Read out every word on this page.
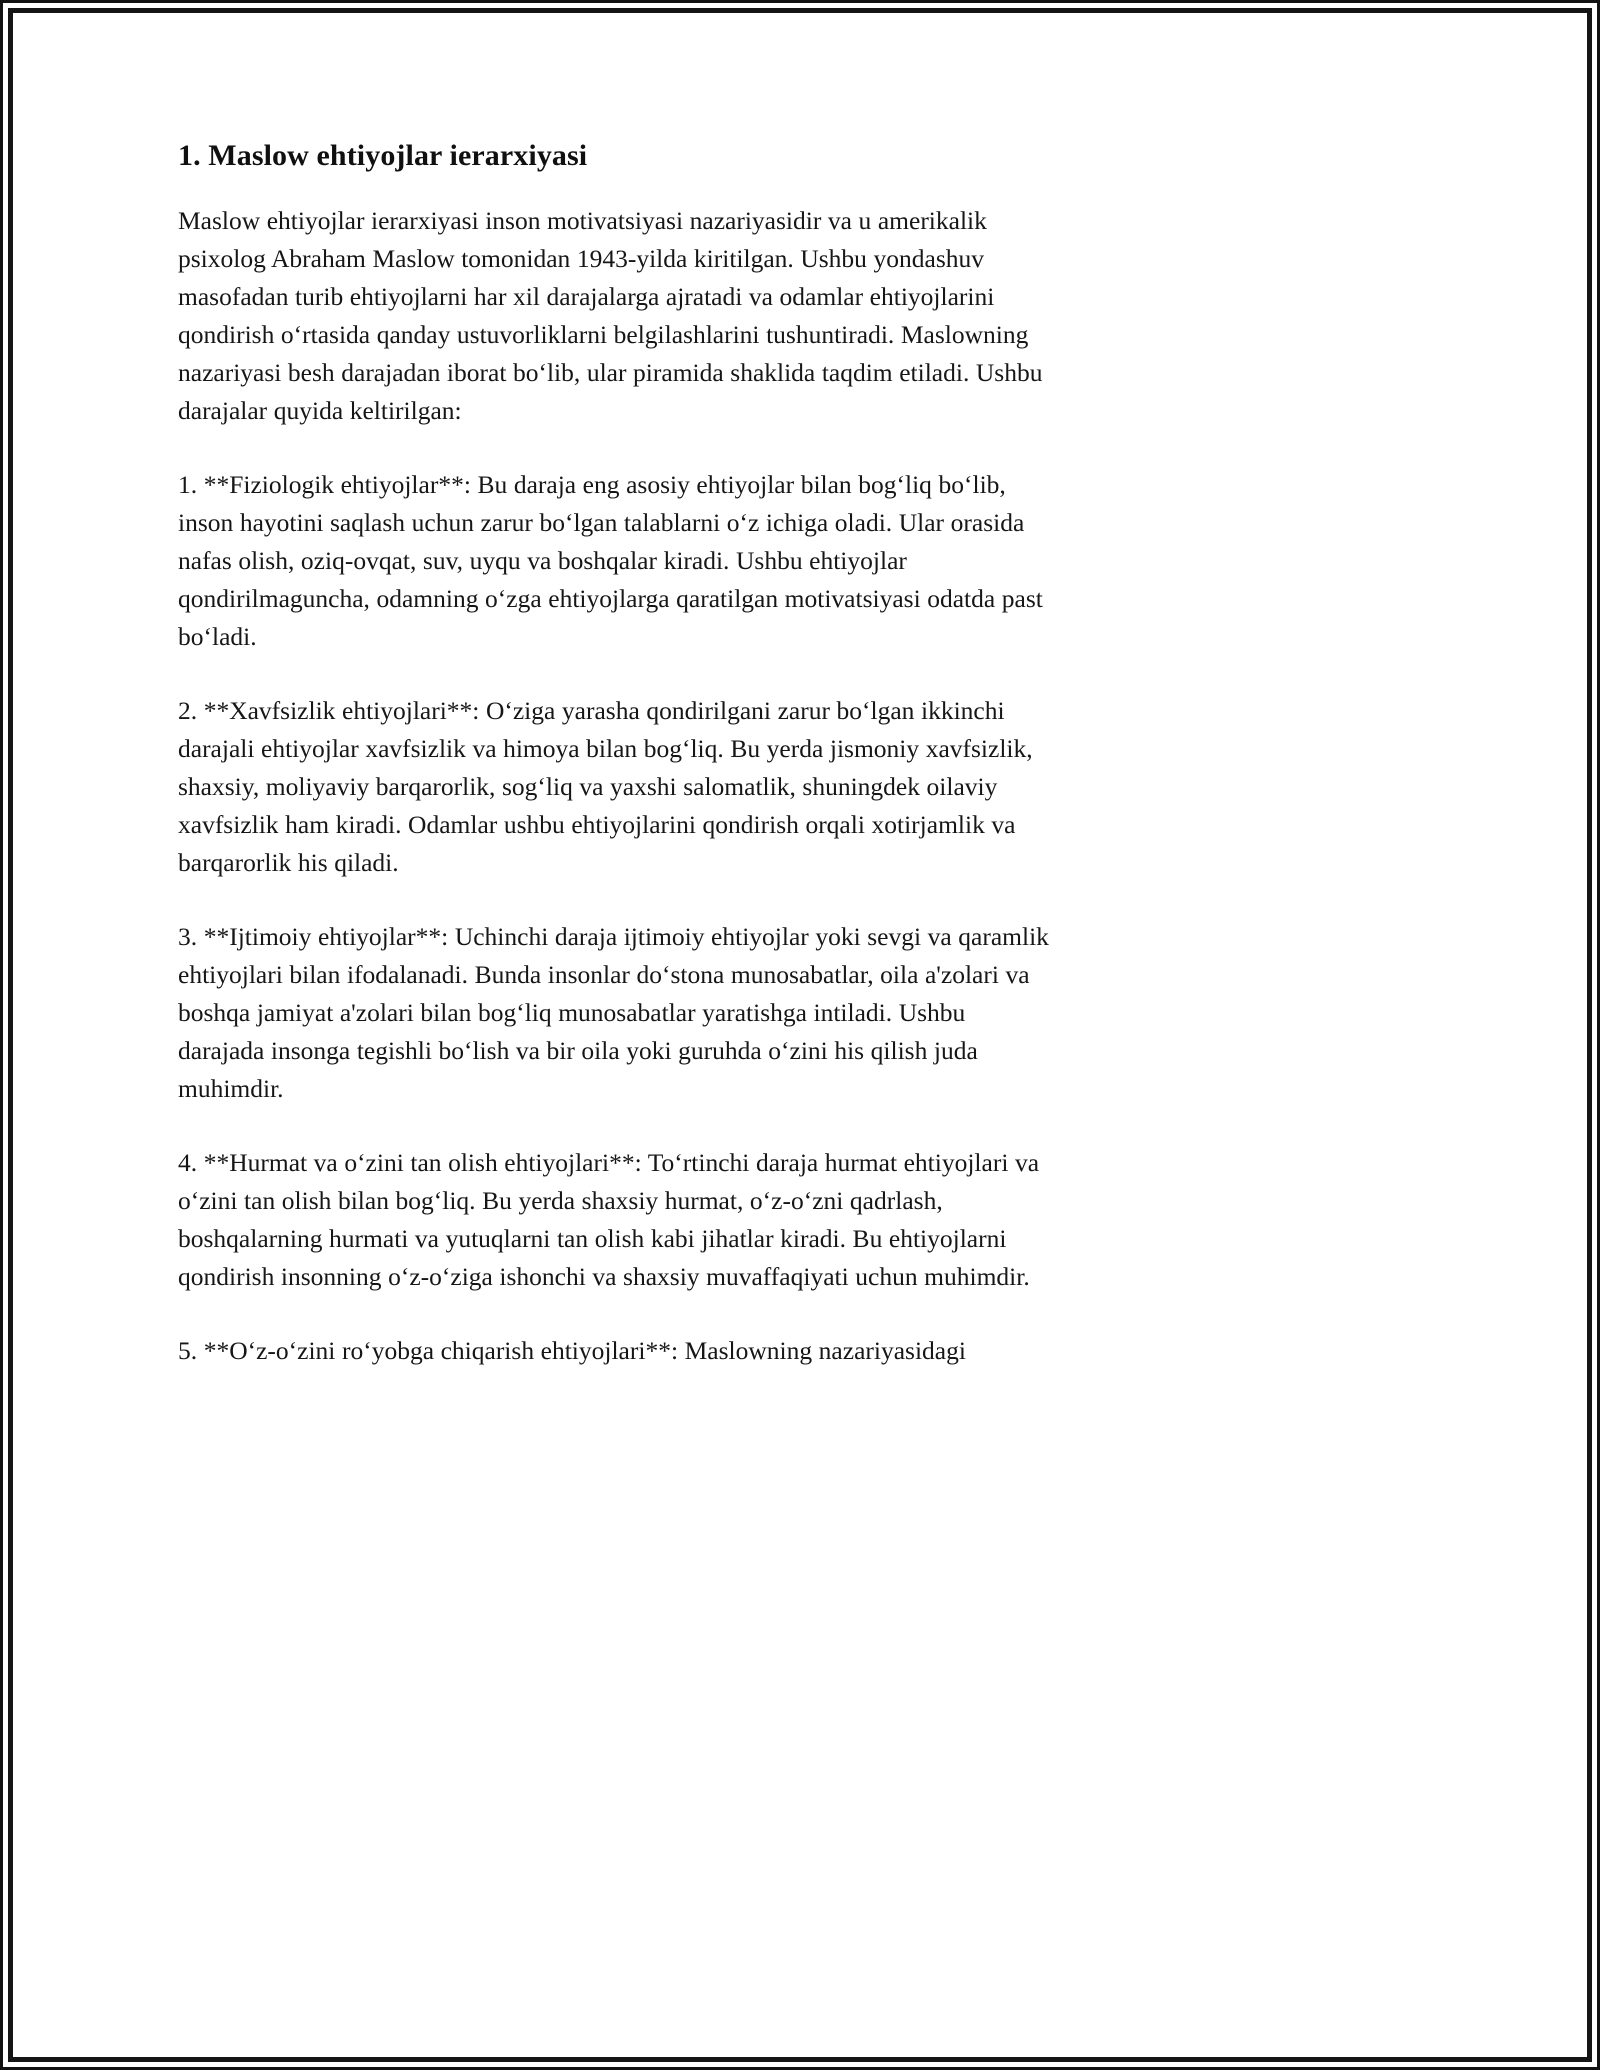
1. Maslow ehtiyojlar ierarxiyasi

Maslow ehtiyojlar ierarxiyasi inson motivatsiyasi nazariyasidir va u amerikalik psixolog Abraham Maslow tomonidan 1943-yilda kiritilgan. Ushbu yondashuv masofadan turib ehtiyojlarni har xil darajalarga ajratadi va odamlar ehtiyojlarini qondirish o‘rtasida qanday ustuvorliklarni belgilashlarini tushuntiradi. Maslowning nazariyasi besh darajadan iborat bo‘lib, ular piramida shaklida taqdim etiladi. Ushbu darajalar quyida keltirilgan:

1. **Fiziologik ehtiyojlar**: Bu daraja eng asosiy ehtiyojlar bilan bog‘liq bo‘lib, inson hayotini saqlash uchun zarur bo‘lgan talablarni o‘z ichiga oladi. Ular orasida nafas olish, oziq-ovqat, suv, uyqu va boshqalar kiradi. Ushbu ehtiyojlar qondirilmaguncha, odamning o‘zga ehtiyojlarga qaratilgan motivatsiyasi odatda past bo‘ladi.

2. **Xavfsizlik ehtiyojlari**: O‘ziga yarasha qondirilgani zarur bo‘lgan ikkinchi darajali ehtiyojlar xavfsizlik va himoya bilan bog‘liq. Bu yerda jismoniy xavfsizlik, shaxsiy, moliyaviy barqarorlik, sog‘liq va yaxshi salomatlik, shuningdek oilaviy xavfsizlik ham kiradi. Odamlar ushbu ehtiyojlarini qondirish orqali xotirjamlik va barqarorlik his qiladi.

3. **Ijtimoiy ehtiyojlar**: Uchinchi daraja ijtimoiy ehtiyojlar yoki sevgi va qaramlik ehtiyojlari bilan ifodalanadi. Bunda insonlar do‘stona munosabatlar, oila a'zolari va boshqa jamiyat a'zolari bilan bog‘liq munosabatlar yaratishga intiladi. Ushbu darajada insonga tegishli bo‘lish va bir oila yoki guruhda o‘zini his qilish juda muhimdir.

4. **Hurmat va o‘zini tan olish ehtiyojlari**: To‘rtinchi daraja hurmat ehtiyojlari va o‘zini tan olish bilan bog‘liq. Bu yerda shaxsiy hurmat, o‘z-o‘zni qadrlash, boshqalarning hurmati va yutuqlarni tan olish kabi jihatlar kiradi. Bu ehtiyojlarni qondirish insonning o‘z-o‘ziga ishonchi va shaxsiy muvaffaqiyati uchun muhimdir.

5. **O‘z-o‘zini ro‘yobga chiqarish ehtiyojlari**: Maslowning nazariyasidagi
